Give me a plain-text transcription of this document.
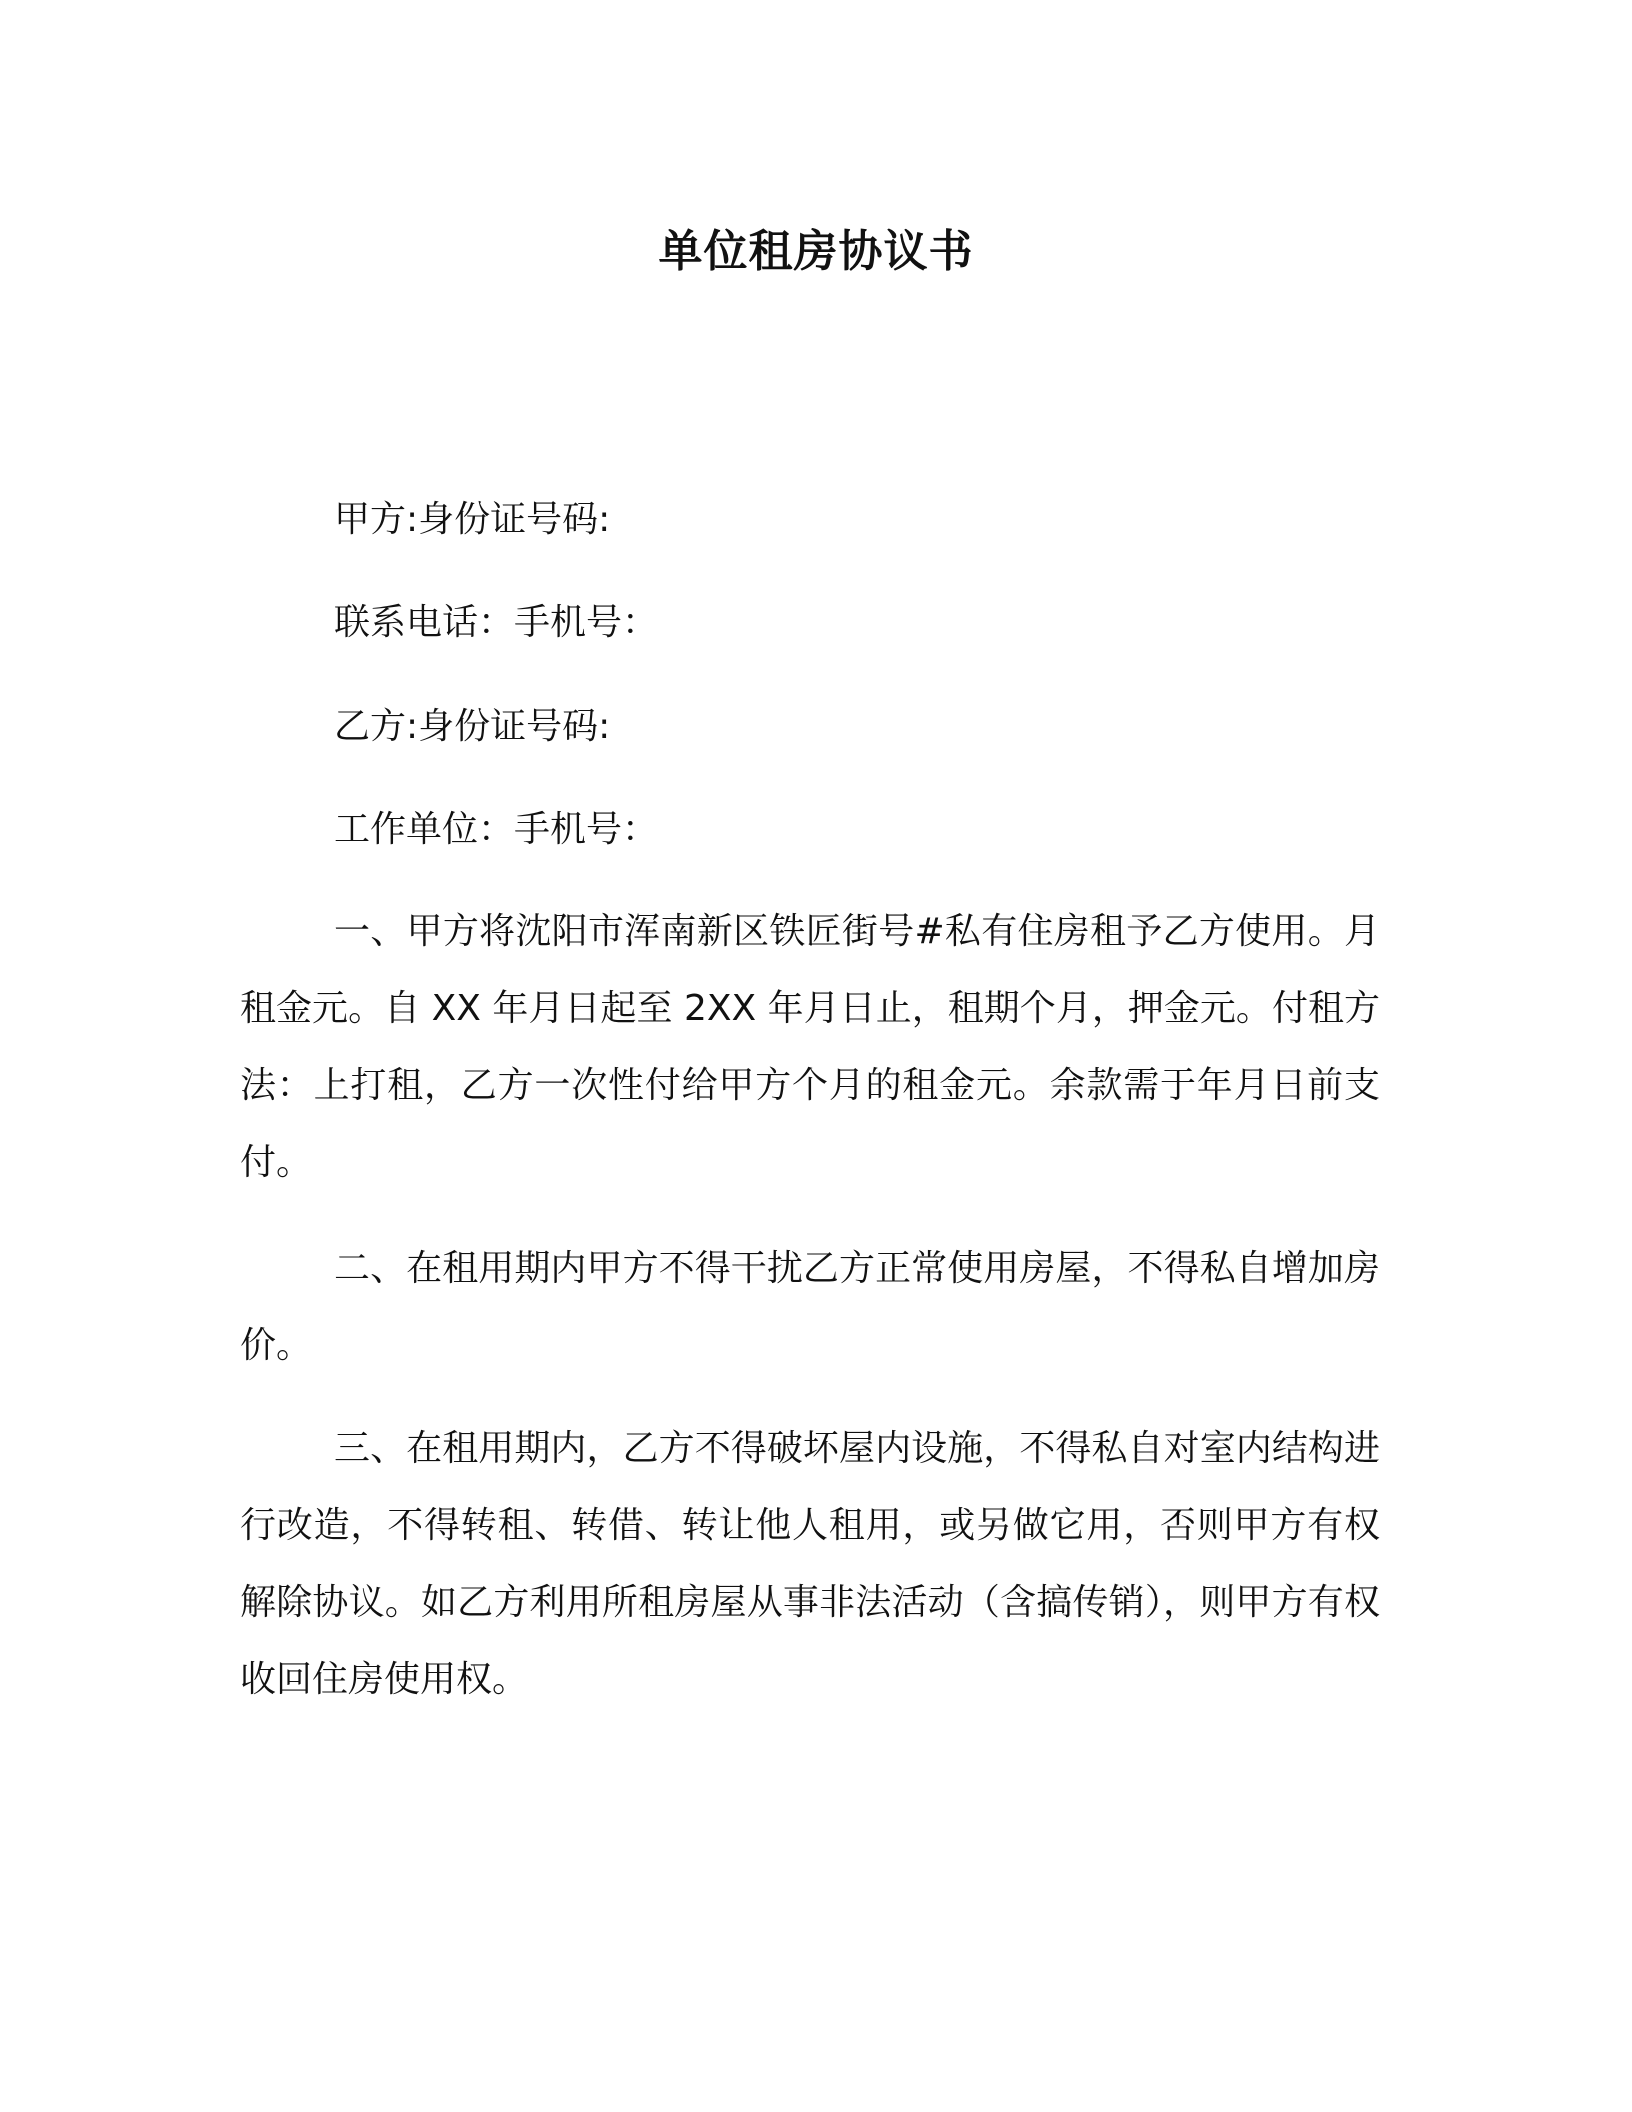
单位租房协议书

甲方:身份证号码:

联系电话：手机号：

乙方:身份证号码:

工作单位：手机号：

一、甲方将沈阳市浑南新区铁匠街号#私有住房租予乙方使用。月租金元。自 XX 年月日起至 2XX 年月日止，租期个月，押金元。付租方法：上打租，乙方一次性付给甲方个月的租金元。余款需于年月日前支付。

二、在租用期内甲方不得干扰乙方正常使用房屋，不得私自增加房价。

三、在租用期内，乙方不得破坏屋内设施，不得私自对室内结构进行改造，不得转租、转借、转让他人租用，或另做它用，否则甲方有权解除协议。如乙方利用所租房屋从事非法活动（含搞传销），则甲方有权收回住房使用权。
